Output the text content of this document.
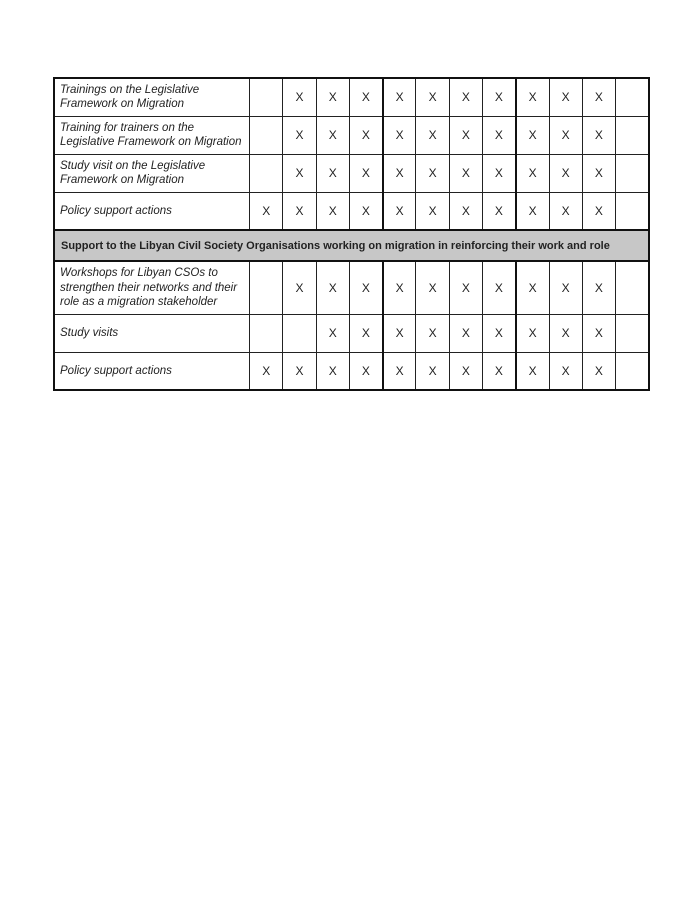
Trainings on the Legislative Framework on Migration		X	X	X	X	X	X	X	X	X	X	
Training for trainers on the Legislative Framework on Migration		X	X	X	X	X	X	X	X	X	X	
Study visit on the Legislative Framework on Migration		X	X	X	X	X	X	X	X	X	X	
Policy support actions	X	X	X	X	X	X	X	X	X	X	X	
Support to the Libyan Civil Society Organisations working on migration in reinforcing their work and role												
Workshops for Libyan CSOs to strengthen their networks and their role as a migration stakeholder		X	X	X	X	X	X	X	X	X	X	
Study visits			X	X	X	X	X	X	X	X	X	
Policy support actions	X	X	X	X	X	X	X	X	X	X	X	
